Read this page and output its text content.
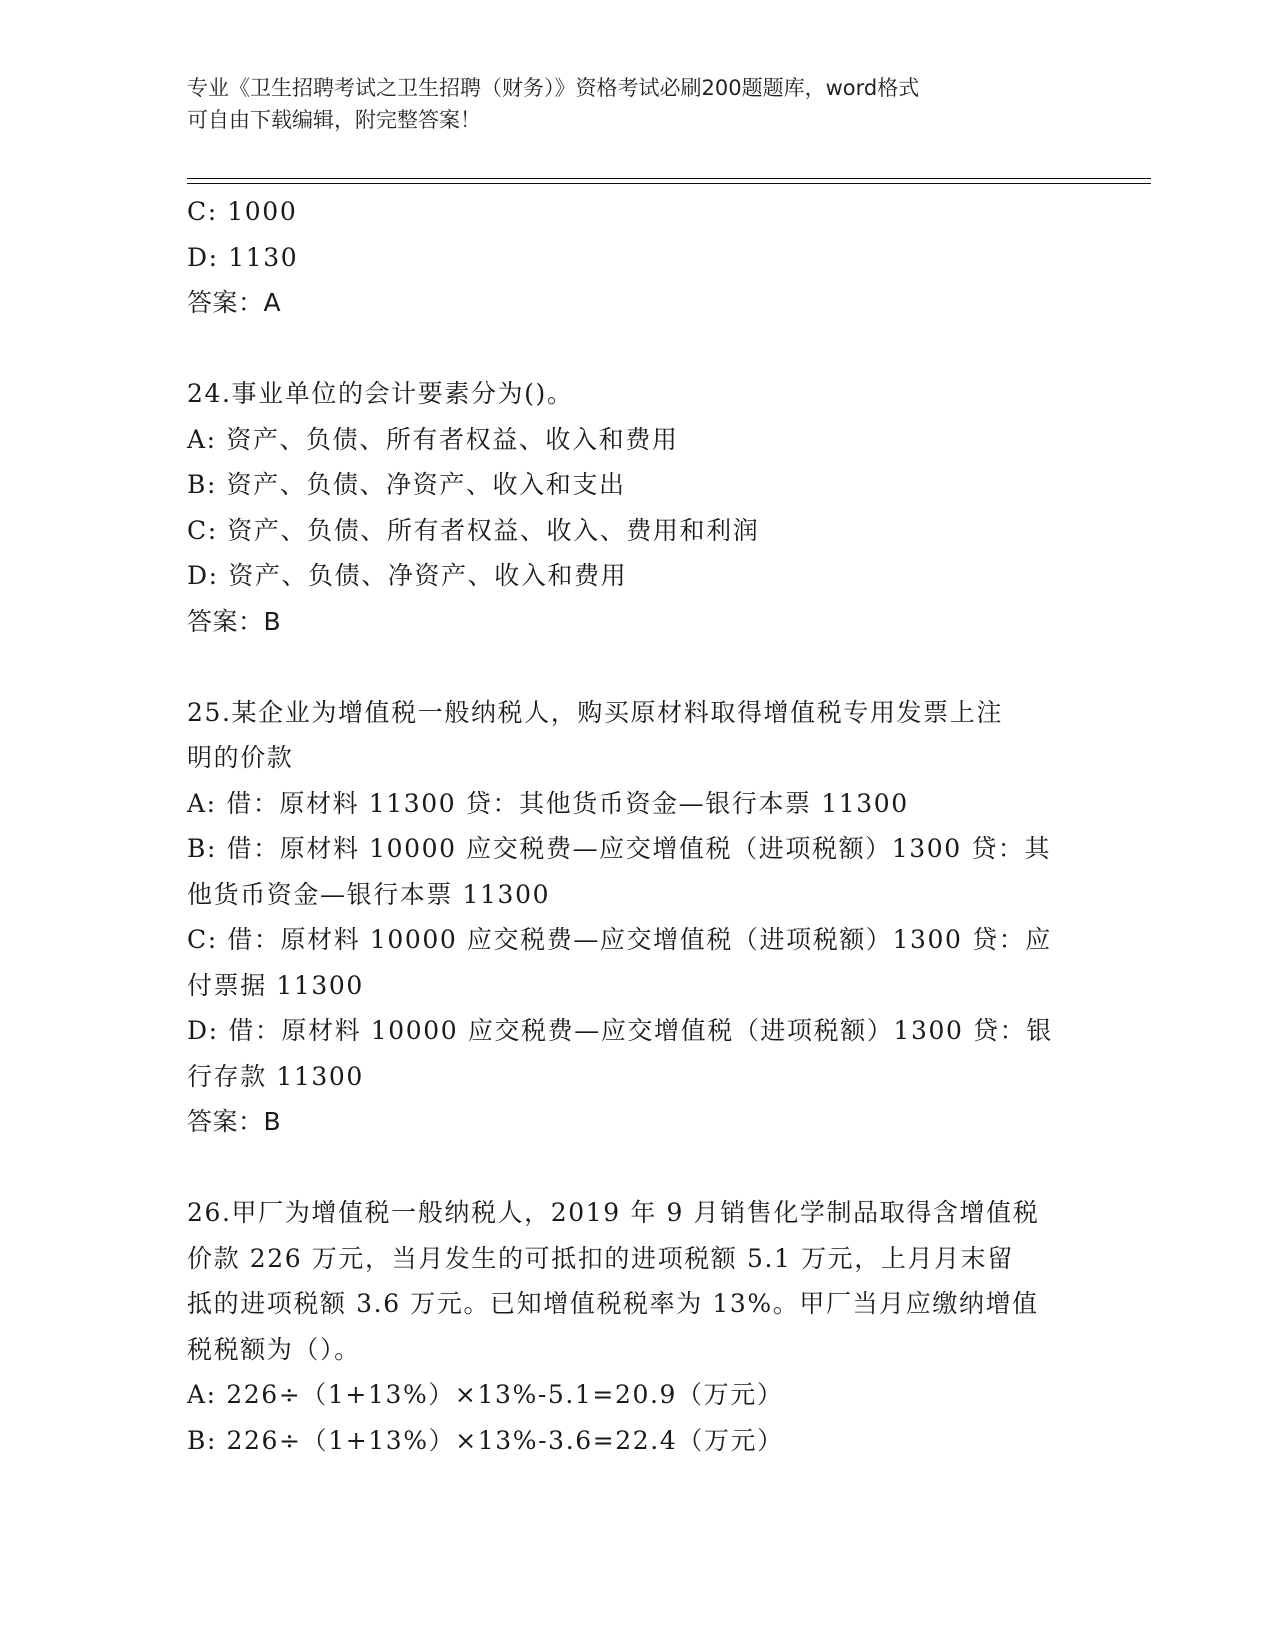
专业《卫生招聘考试之卫生招聘（财务）》资格考试必刷200题题库，word格式
可自由下载编辑，附完整答案！
C: 1000
D: 1130
答案：A
24.事业单位的会计要素分为()。
A: 资产、负债、所有者权益、收入和费用
B: 资产、负债、净资产、收入和支出
C: 资产、负债、所有者权益、收入、费用和利润
D: 资产、负债、净资产、收入和费用
答案：B
25.某企业为增值税一般纳税人，购买原材料取得增值税专用发票上注
明的价款
A: 借：原材料 11300 贷：其他货币资金—银行本票 11300
B: 借：原材料 10000 应交税费—应交增值税（进项税额）1300 贷：其
他货币资金—银行本票 11300
C: 借：原材料 10000 应交税费—应交增值税（进项税额）1300 贷：应
付票据 11300
D: 借：原材料 10000 应交税费—应交增值税（进项税额）1300 贷：银
行存款 11300
答案：B
26.甲厂为增值税一般纳税人，2019 年 9 月销售化学制品取得含增值税
价款 226 万元，当月发生的可抵扣的进项税额 5.1 万元，上月月末留
抵的进项税额 3.6 万元。已知增值税税率为 13%。甲厂当月应缴纳增值
税税额为（）。
A: 226÷（1+13%）×13%-5.1=20.9（万元）
B: 226÷（1+13%）×13%-3.6=22.4（万元）
